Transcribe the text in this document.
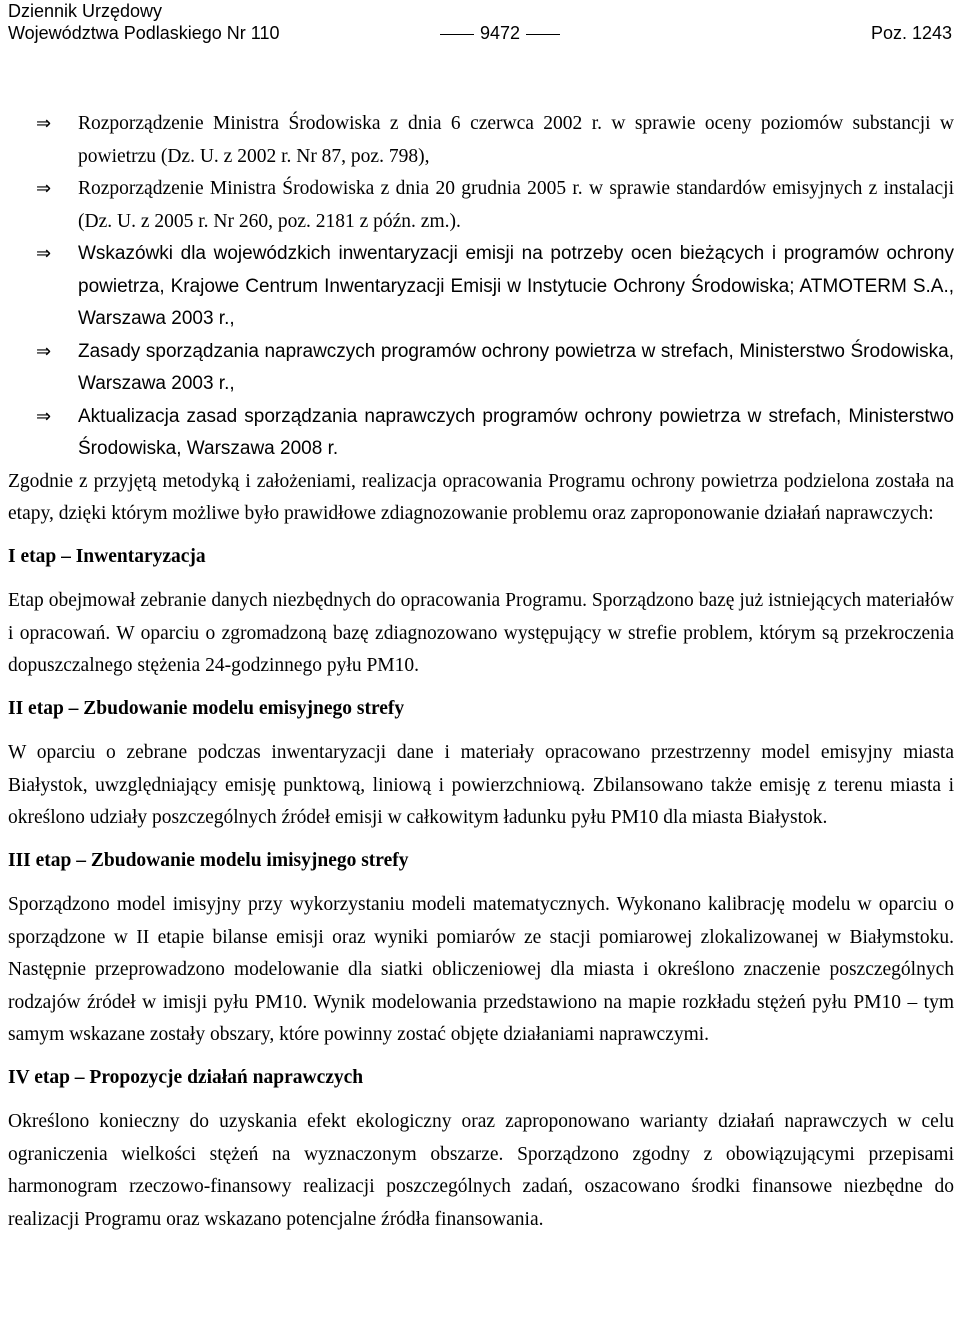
Dziennik Urzędowy
Województwa Podlaskiego Nr 110	9472	Poz. 1243
⇒ Rozporządzenie Ministra Środowiska z dnia 6 czerwca 2002 r. w sprawie oceny poziomów substancji w powietrzu (Dz. U. z 2002 r. Nr 87, poz. 798),
⇒ Rozporządzenie Ministra Środowiska z dnia 20 grudnia 2005 r. w sprawie standardów emisyjnych z instalacji (Dz. U. z 2005 r. Nr 260, poz. 2181 z późn. zm.).
⇒ Wskazówki dla wojewódzkich inwentaryzacji emisji na potrzeby ocen bieżących i programów ochrony powietrza, Krajowe Centrum Inwentaryzacji Emisji w Instytucie Ochrony Środowiska; ATMOTERM S.A., Warszawa 2003 r.,
⇒ Zasady sporządzania naprawczych programów ochrony powietrza w strefach, Ministerstwo Środowiska, Warszawa 2003 r.,
⇒ Aktualizacja zasad sporządzania naprawczych programów ochrony powietrza w strefach, Ministerstwo Środowiska, Warszawa 2008 r.

Zgodnie z przyjętą metodyką i założeniami, realizacja opracowania Programu ochrony powietrza podzielona została na etapy, dzięki którym możliwe było prawidłowe zdiagnozowanie problemu oraz zaproponowanie działań naprawczych:

I etap – Inwentaryzacja

Etap obejmował zebranie danych niezbędnych do opracowania Programu. Sporządzono bazę już istniejących materiałów i opracowań. W oparciu o zgromadzoną bazę zdiagnozowano występujący w strefie problem, którym są przekroczenia dopuszczalnego stężenia 24-godzinnego pyłu PM10.

II etap – Zbudowanie modelu emisyjnego strefy

W oparciu o zebrane podczas inwentaryzacji dane i materiały opracowano przestrzenny model emisyjny miasta Białystok, uwzględniający emisję punktową, liniową i powierzchniową. Zbilansowano także emisję z terenu miasta i określono udziały poszczególnych źródeł emisji w całkowitym ładunku pyłu PM10 dla miasta Białystok.

III etap – Zbudowanie modelu imisyjnego strefy

Sporządzono model imisyjny przy wykorzystaniu modeli matematycznych. Wykonano kalibrację modelu w oparciu o sporządzone w II etapie bilanse emisji oraz wyniki pomiarów ze stacji pomiarowej zlokalizowanej w Białymstoku. Następnie przeprowadzono modelowanie dla siatki obliczeniowej dla miasta i określono znaczenie poszczególnych rodzajów źródeł w imisji pyłu PM10. Wynik modelowania przedstawiono na mapie rozkładu stężeń pyłu PM10 – tym samym wskazane zostały obszary, które powinny zostać objęte działaniami naprawczymi.

IV etap – Propozycje działań naprawczych

Określono konieczny do uzyskania efekt ekologiczny oraz zaproponowano warianty działań naprawczych w celu ograniczenia wielkości stężeń na wyznaczonym obszarze. Sporządzono zgodny z obowiązującymi przepisami harmonogram rzeczowo-finansowy realizacji poszczególnych zadań, oszacowano środki finansowe niezbędne do realizacji Programu oraz wskazano potencjalne źródła finansowania.
